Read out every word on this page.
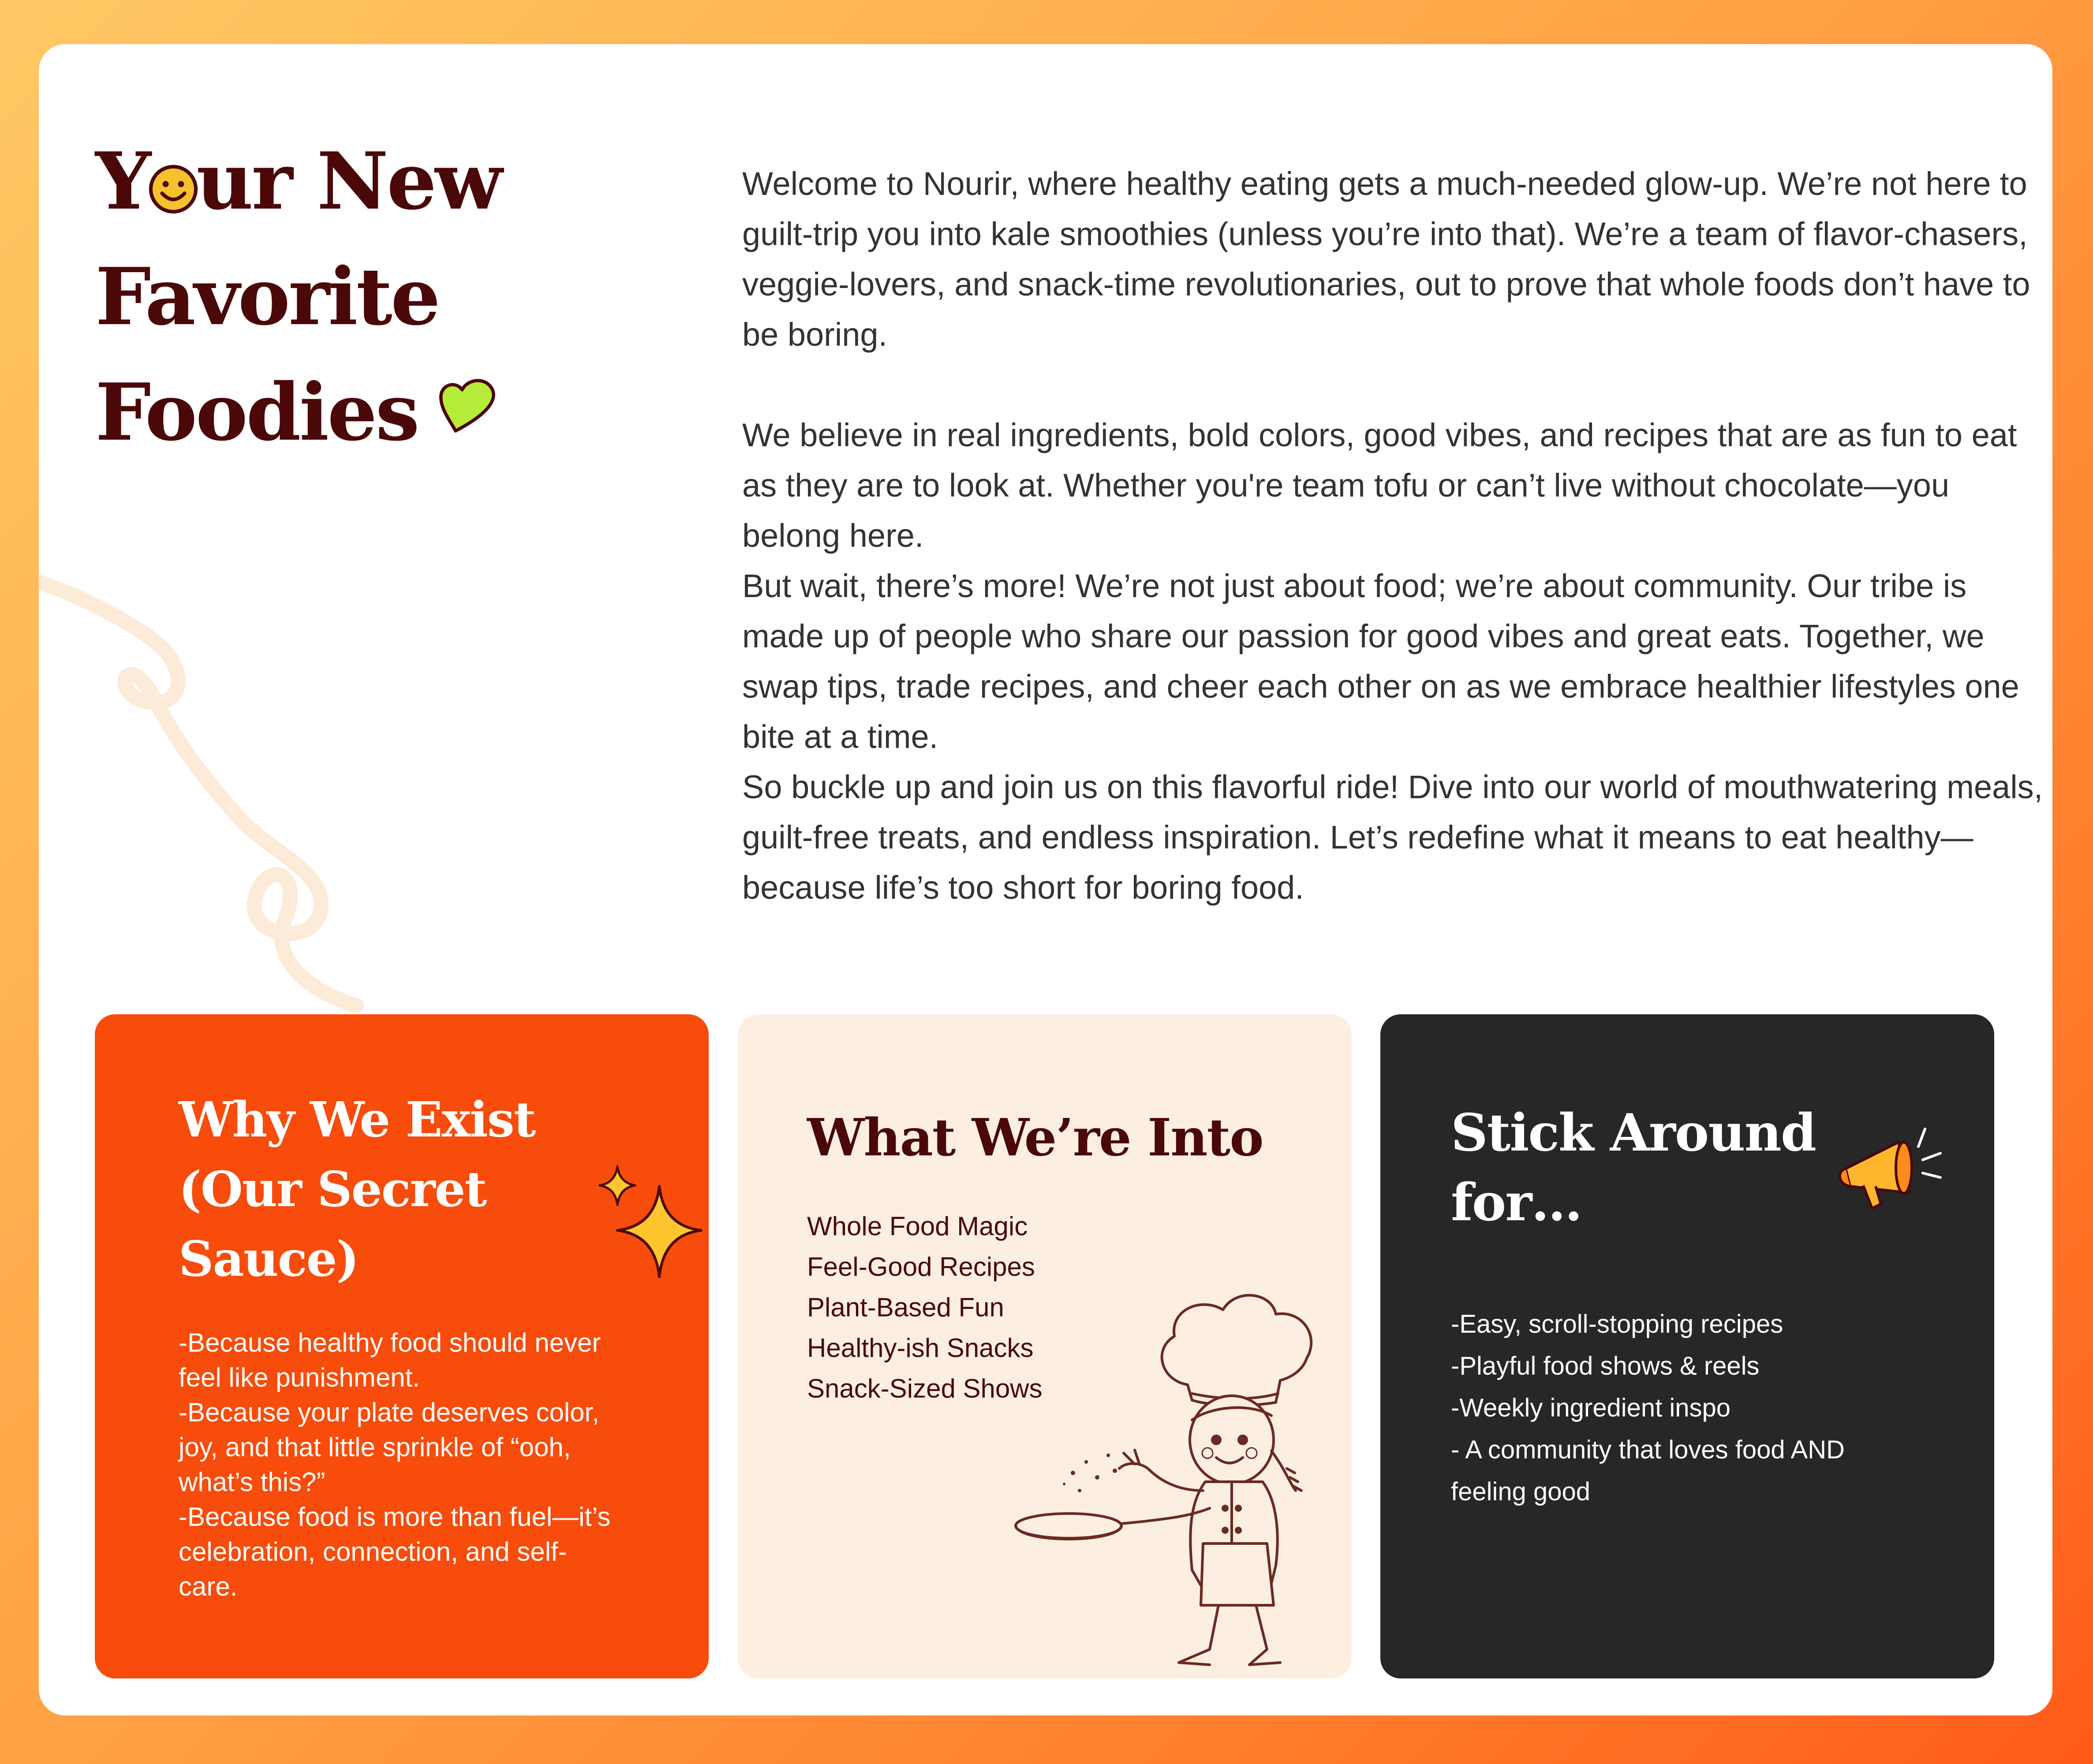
Y ur New
Favorite
Foodies

Welcome to Nourir, where healthy eating gets a much-needed glow-up. We’re not here to guilt-trip you into kale smoothies (unless you’re into that). We’re a team of flavor-chasers, veggie-lovers, and snack-time revolutionaries, out to prove that whole foods don’t have to be boring.

We believe in real ingredients, bold colors, good vibes, and recipes that are as fun to eat as they are to look at. Whether you're team tofu or can’t live without chocolate—you belong here.

But wait, there’s more! We’re not just about food; we’re about community. Our tribe is made up of people who share our passion for good vibes and great eats. Together, we swap tips, trade recipes, and cheer each other on as we embrace healthier lifestyles one bite at a time.

So buckle up and join us on this flavorful ride! Dive into our world of mouthwatering meals, guilt-free treats, and endless inspiration. Let’s redefine what it means to eat healthy—because life’s too short for boring food.

Why We Exist (Our Secret Sauce)

-Because healthy food should never feel like punishment.

-Because your plate deserves color, joy, and that little sprinkle of “ooh, what’s this?”

-Because food is more than fuel—it’s celebration, connection, and self-care.

What We’re Into
Whole Food Magic
Feel-Good Recipes
Plant-Based Fun
Healthy-ish Snacks
Snack-Sized Shows
Stick Around for…
-Easy, scroll-stopping recipes
-Playful food shows & reels
-Weekly ingredient inspo
- A community that loves food AND feeling good
